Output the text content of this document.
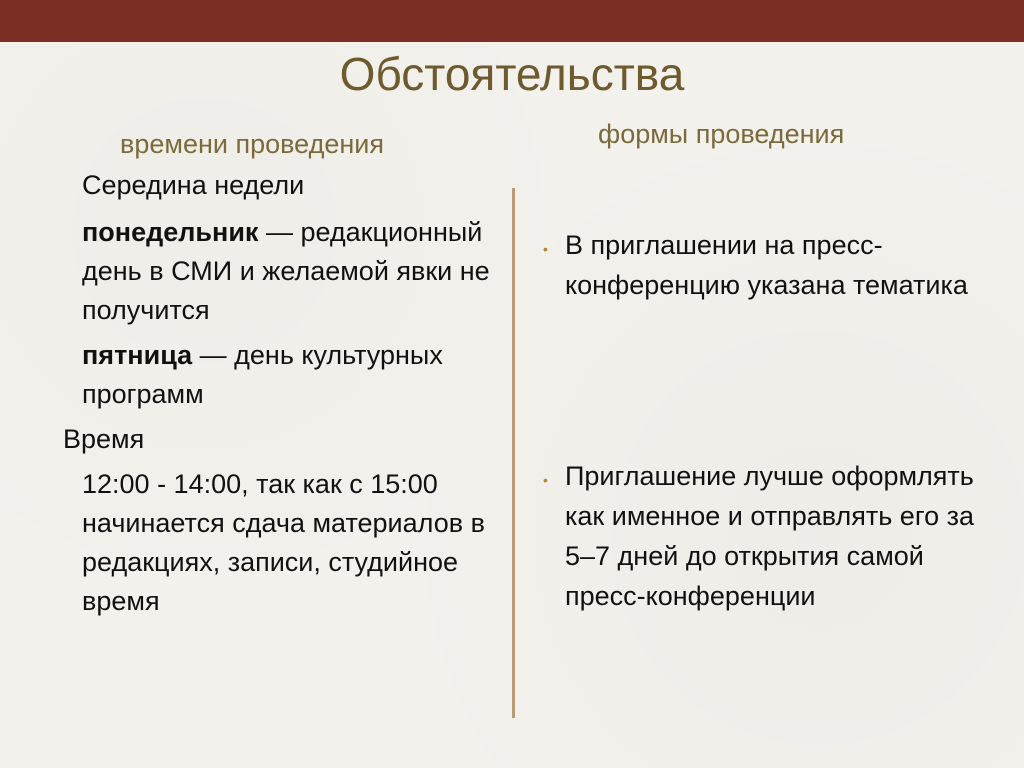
Обстоятельства
времени проведения	формы проведения
Середина недели
понедельник — редакционный день в СМИ и желаемой явки не получится
пятница — день культурных программ
Время
12:00 - 14:00, так как с 15:00 начинается сдача материалов в редакциях, записи, студийное время
• В приглашении на пресс-конференцию указана тематика
• Приглашение лучше оформлять как именное и отправлять его за 5–7 дней до открытия самой пресс-конференции
